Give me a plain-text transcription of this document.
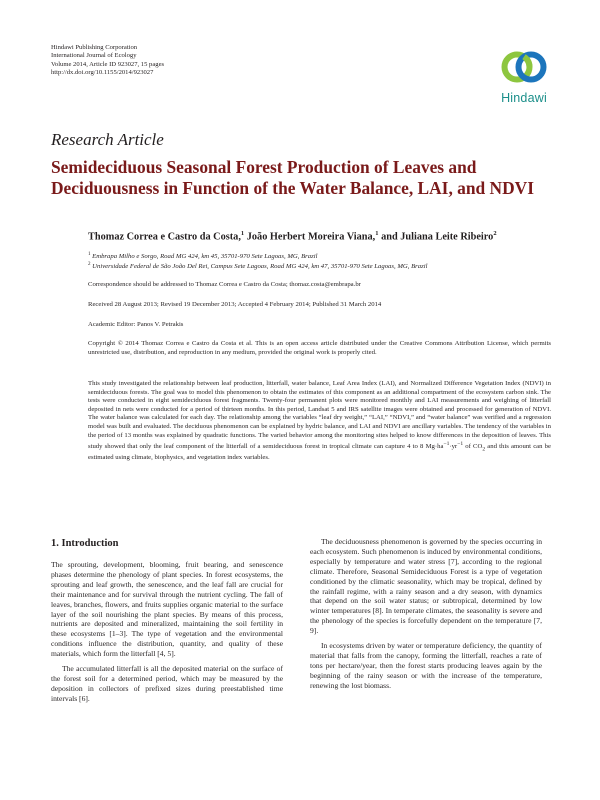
Hindawi Publishing Corporation
International Journal of Ecology
Volume 2014, Article ID 923027, 15 pages
http://dx.doi.org/10.1155/2014/923027
Hindawi
Research Article
Semideciduous Seasonal Forest Production of Leaves and
Deciduousness in Function of the Water Balance, LAI, and NDVI
Thomaz Correa e Castro da Costa,$^1$ João Herbert Moreira Viana,$^1$ and Juliana Leite Ribeiro$^2$
$^1$ Embrapa Milho e Sorgo, Road MG 424, km 45, 35701-970 Sete Lagoas, MG, Brazil
$^2$ Universidade Federal de São João Del Rei, Campus Sete Lagoas, Road MG 424, km 47, 35701-970 Sete Lagoas, MG, Brazil
Correspondence should be addressed to Thomaz Correa e Castro da Costa; thomaz.costa@embrapa.br
Received 28 August 2013; Revised 19 December 2013; Accepted 4 February 2014; Published 31 March 2014
Academic Editor: Panos V. Petrakis
Copyright © 2014 Thomaz Correa e Castro da Costa et al. This is an open access article distributed under the Creative Commons Attribution License, which permits unrestricted use, distribution, and reproduction in any medium, provided the original work is properly cited.
This study investigated the relationship between leaf production, litterfall, water balance, Leaf Area Index (LAI), and Normalized Difference Vegetation Index (NDVI) in semideciduous forests. The goal was to model this phenomenon to obtain the estimates of this component as an additional compartment of the ecosystem carbon sink. The tests were conducted in eight semideciduous forest fragments. Twenty-four permanent plots were monitored monthly and LAI measurements and weighing of litterfall deposited in nets were conducted for a period of thirteen months. In this period, Landsat 5 and IRS satellite images were obtained and processed for generation of NDVI. The water balance was calculated for each day. The relationship among the variables “leaf dry weight,” “LAI,” “NDVI,” and “water balance” was verified and a regression model was built and evaluated. The deciduous phenomenon can be explained by hydric balance, and LAI and NDVI are ancillary variables. The tendency of the variables in the period of 13 months was explained by quadratic functions. The varied behavior among the monitoring sites helped to know differences in the deposition of leaves. This study showed that only the leaf component of the litterfall of a semideciduous forest in tropical climate can capture 4 to 8 $Mg\cdot ha^{-1}\cdot yr^{-1}$ of $CO_2$ and this amount can be estimated using climate, biophysics, and vegetation index variables.
1. Introduction

The sprouting, development, blooming, fruit bearing, and senescence phases determine the phenology of plant species. In forest ecosystems, the sprouting and leaf growth, the senescence, and the leaf fall are crucial for their maintenance and for survival through the nutrient cycling. The fall of leaves, branches, flowers, and fruits supplies organic material to the surface layer of the soil nourishing the plant species. By means of this process, nutrients are deposited and mineralized, maintaining the soil fertility in these ecosystems [1–3]. The type of vegetation and the environmental conditions influence the distribution, quantity, and quality of these materials, which form the litterfall [4, 5].

The accumulated litterfall is all the deposited material on the surface of the forest soil for a determined period, which may be measured by the deposition in collectors of prefixed sizes during preestablished time intervals [6].

The deciduousness phenomenon is governed by the species occurring in each ecosystem. Such phenomenon is induced by environmental conditions, especially by temperature and water stress [7], according to the regional climate. Therefore, Seasonal Semideciduous Forest is a type of vegetation conditioned by the climatic seasonality, which may be tropical, defined by the rainfall regime, with a rainy season and a dry season, with dynamics that depend on the soil water status; or subtropical, determined by low winter temperatures [8]. In temperate climates, the seasonality is severe and the phenology of the species is forcefully dependent on the temperature [7, 9].

In ecosystems driven by water or temperature deficiency, the quantity of material that falls from the canopy, forming the litterfall, reaches a rate of tons per hectare/year, then the forest starts producing leaves again by the beginning of the rainy season or with the increase of the temperature, renewing the lost biomass.
